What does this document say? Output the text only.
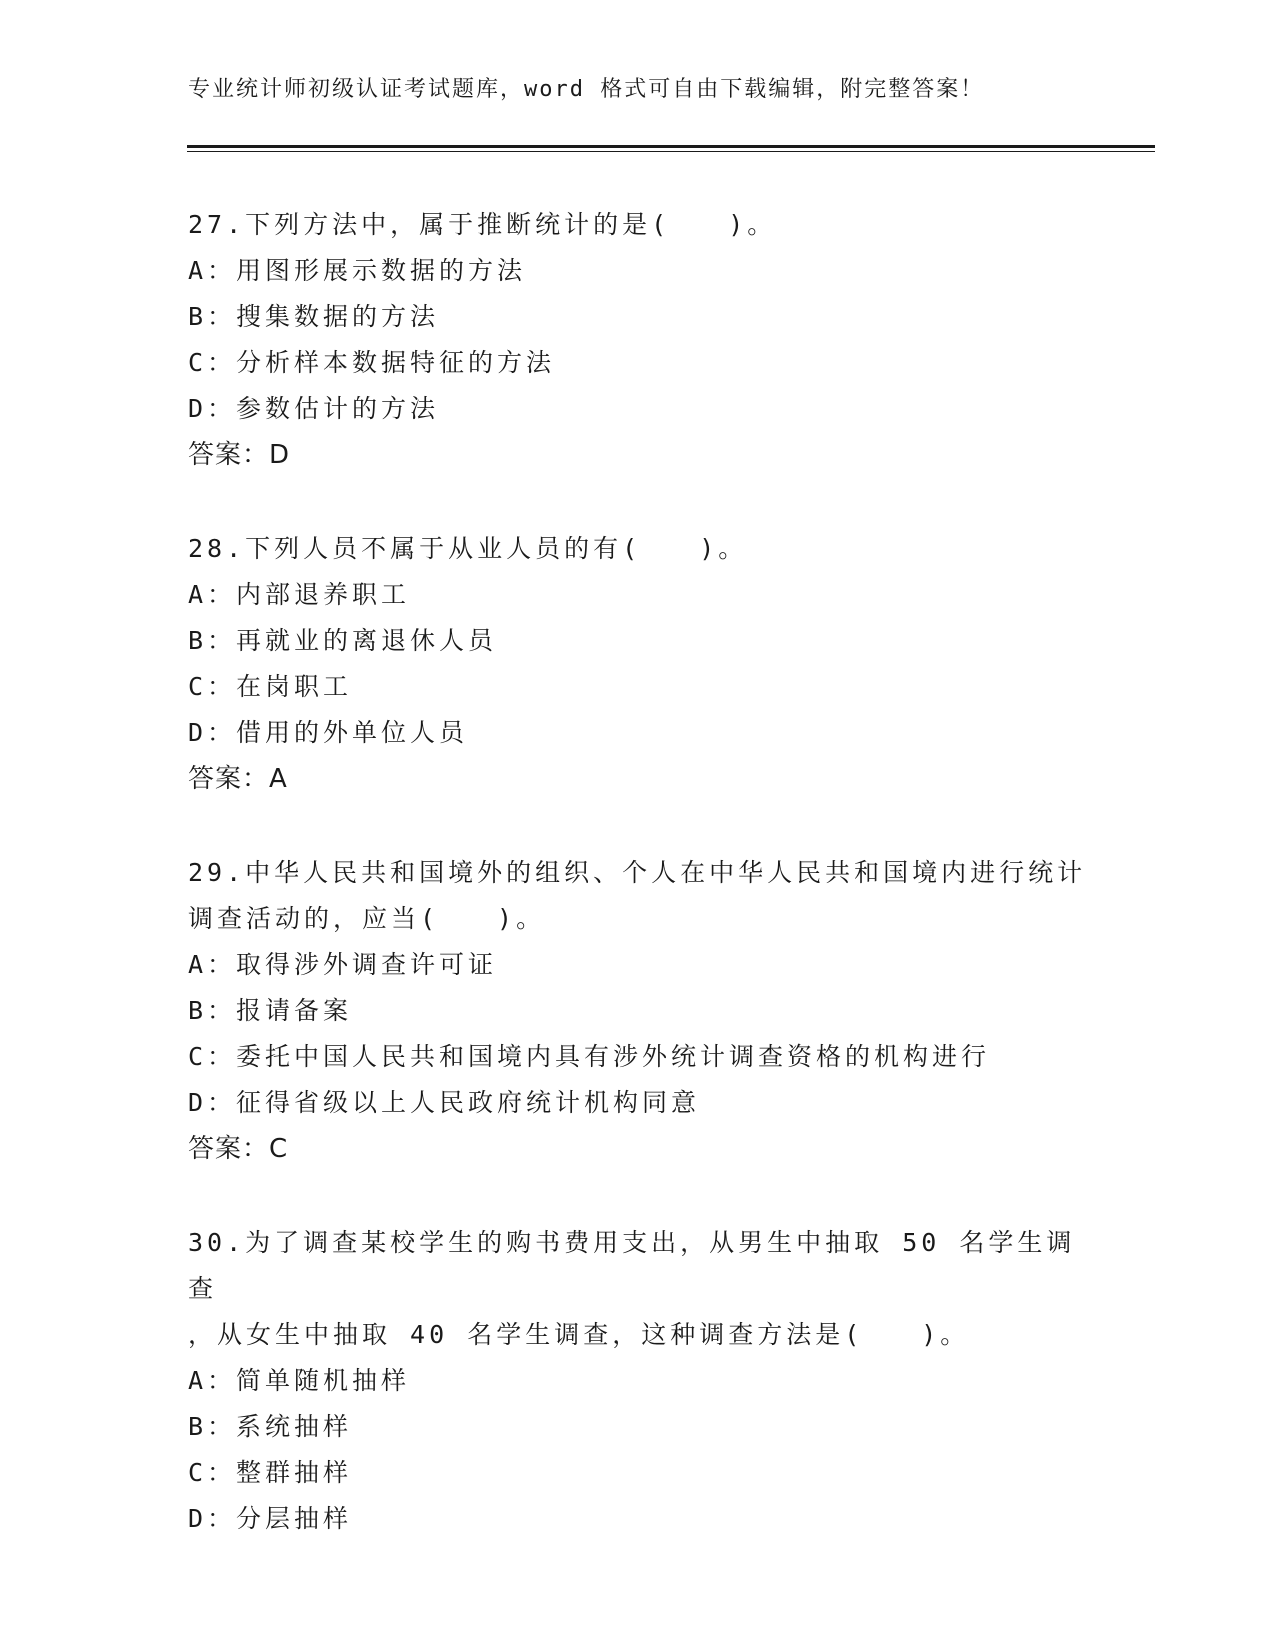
专业统计师初级认证考试题库，word 格式可自由下载编辑，附完整答案！
27.下列方法中，属于推断统计的是(　　)。
A：用图形展示数据的方法
B：搜集数据的方法
C：分析样本数据特征的方法
D：参数估计的方法
答案：D
28.下列人员不属于从业人员的有(　　)。
A：内部退养职工
B：再就业的离退休人员
C：在岗职工
D：借用的外单位人员
答案：A
29.中华人民共和国境外的组织、个人在中华人民共和国境内进行统计
调查活动的，应当(　　)。
A：取得涉外调查许可证
B：报请备案
C：委托中国人民共和国境内具有涉外统计调查资格的机构进行
D：征得省级以上人民政府统计机构同意
答案：C
30.为了调查某校学生的购书费用支出，从男生中抽取 50 名学生调查
，从女生中抽取 40 名学生调查，这种调查方法是(　　)。
A：简单随机抽样
B：系统抽样
C：整群抽样
D：分层抽样
